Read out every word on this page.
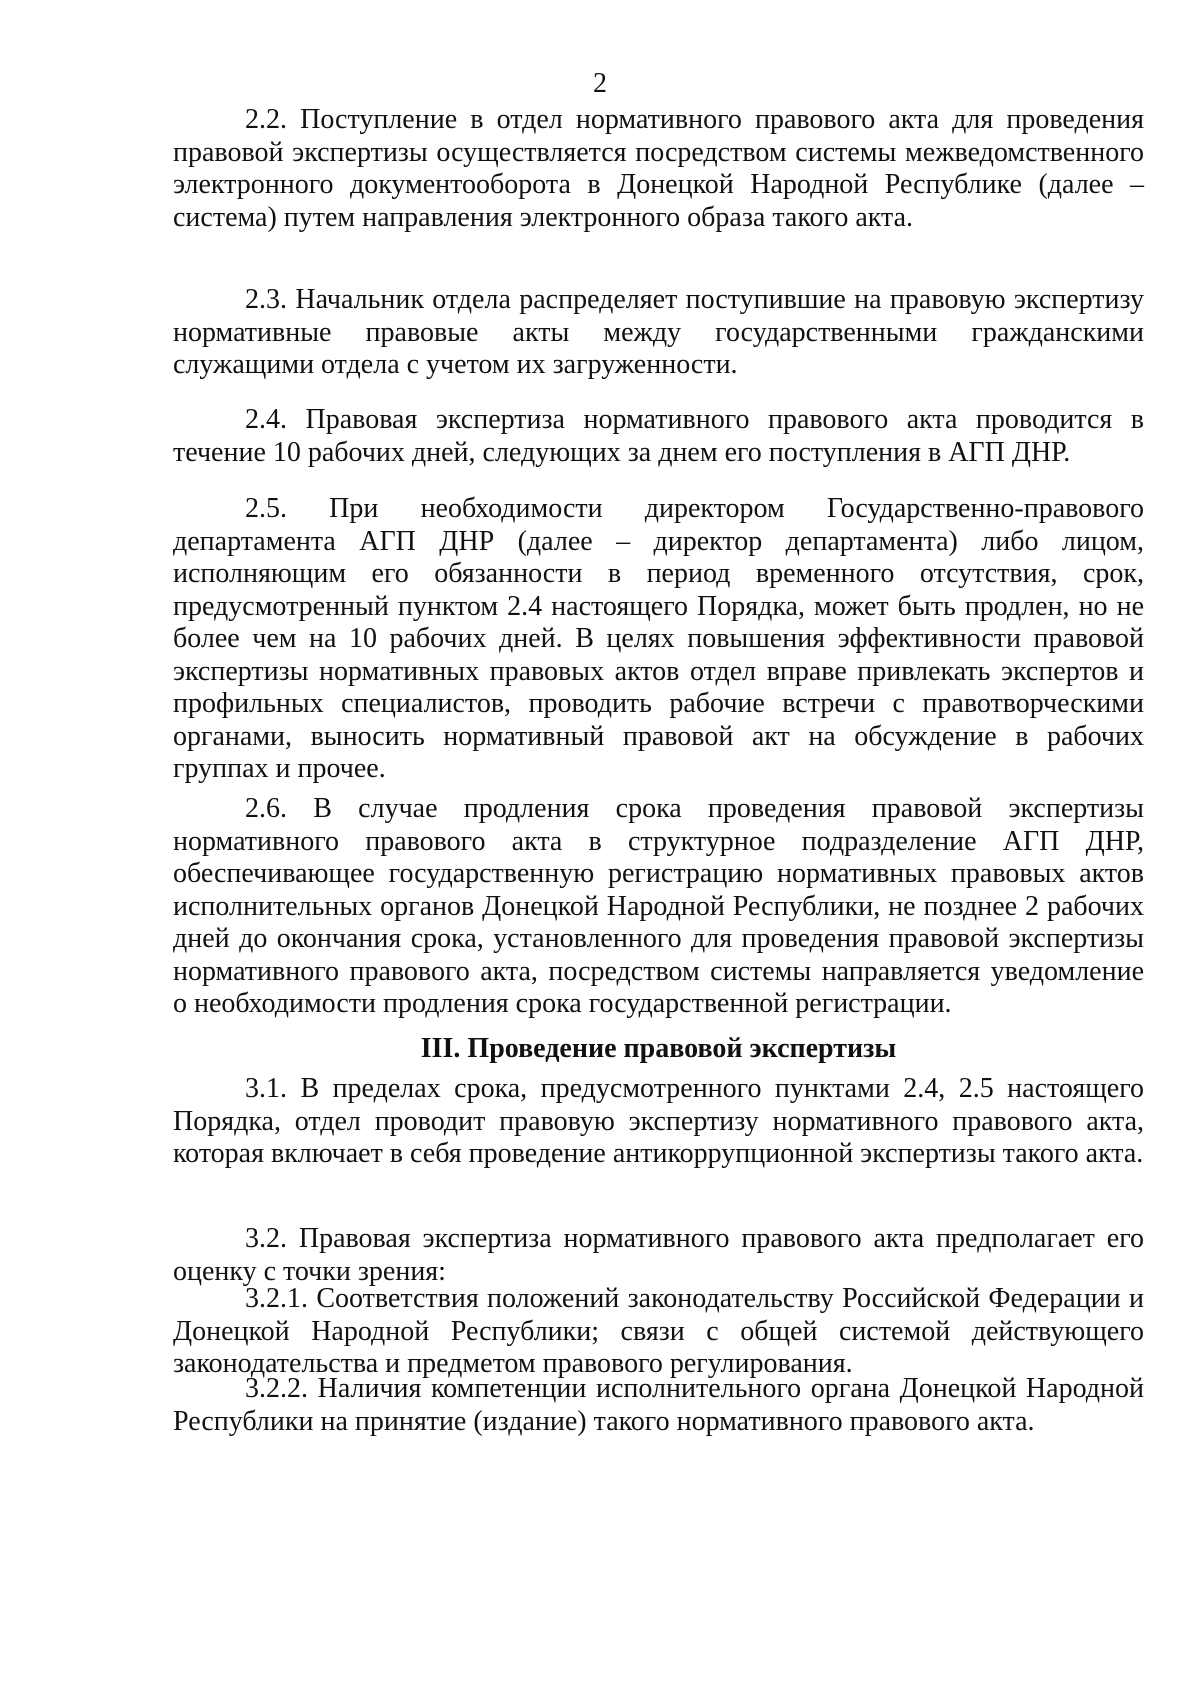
2

2.2. Поступление в отдел нормативного правового акта для проведения правовой экспертизы осуществляется посредством системы межведомственного электронного документооборота в Донецкой Народной Республике (далее – система) путем направления электронного образа такого акта.

2.3. Начальник отдела распределяет поступившие на правовую экспертизу нормативные правовые акты между государственными гражданскими служащими отдела с учетом их загруженности.

2.4. Правовая экспертиза нормативного правового акта проводится в течение 10 рабочих дней, следующих за днем его поступления в АГП ДНР.

2.5. При необходимости директором Государственно-правового департамента АГП ДНР (далее – директор департамента) либо лицом, исполняющим его обязанности в период временного отсутствия, срок, предусмотренный пунктом 2.4 настоящего Порядка, может быть продлен, но не более чем на 10 рабочих дней. В целях повышения эффективности правовой экспертизы нормативных правовых актов отдел вправе привлекать экспертов и профильных специалистов, проводить рабочие встречи с правотворческими органами, выносить нормативный правовой акт на обсуждение в рабочих группах и прочее.

2.6. В случае продления срока проведения правовой экспертизы нормативного правового акта в структурное подразделение АГП ДНР, обеспечивающее государственную регистрацию нормативных правовых актов исполнительных органов Донецкой Народной Республики, не позднее 2 рабочих дней до окончания срока, установленного для проведения правовой экспертизы нормативного правового акта, посредством системы направляется уведомление о необходимости продления срока государственной регистрации.

III. Проведение правовой экспертизы

3.1. В пределах срока, предусмотренного пунктами 2.4, 2.5 настоящего Порядка, отдел проводит правовую экспертизу нормативного правового акта, которая включает в себя проведение антикоррупционной экспертизы такого акта.

3.2. Правовая экспертиза нормативного правового акта предполагает его оценку с точки зрения:

3.2.1. Соответствия положений законодательству Российской Федерации и Донецкой Народной Республики; связи с общей системой действующего законодательства и предметом правового регулирования.

3.2.2. Наличия компетенции исполнительного органа Донецкой Народной Республики на принятие (издание) такого нормативного правового акта.
